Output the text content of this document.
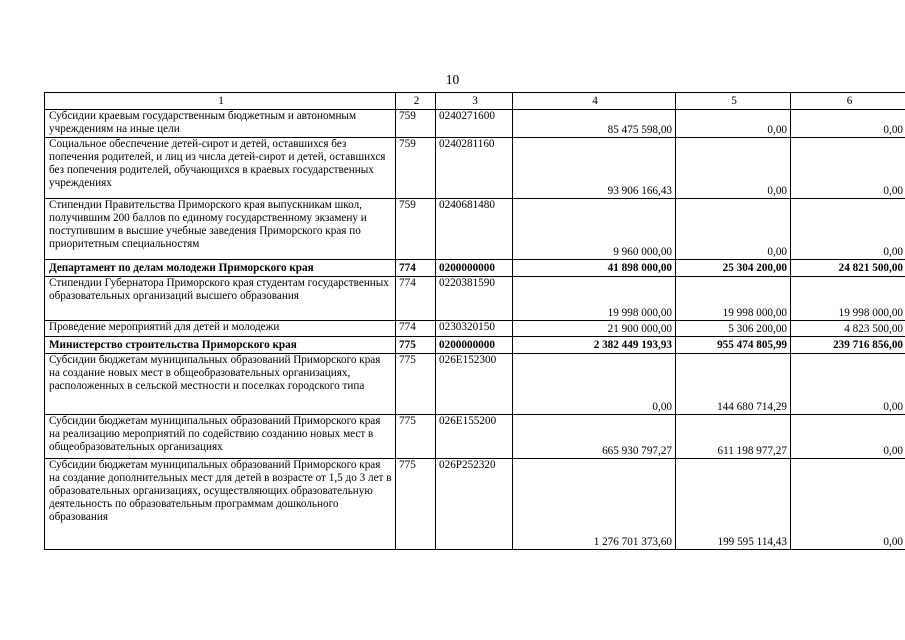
10
1	2	3	4	5	6
Субсидии краевым государственным бюджетным и автономным учреждениям на иные цели	759	0240271600	85 475 598,00	0,00	0,00
Социальное обеспечение детей-сирот и детей, оставшихся без попечения родителей, и лиц из числа детей-сирот и детей, оставшихся без попечения родителей, обучающихся в краевых государственных учреждениях	759	0240281160	93 906 166,43	0,00	0,00
Стипендии Правительства Приморского края выпускникам школ, получившим 200 баллов по единому государственному экзамену и поступившим в высшие учебные заведения Приморского края по приоритетным специальностям	759	0240681480	9 960 000,00	0,00	0,00
Департамент по делам молодежи Приморского края	774	0200000000	41 898 000,00	25 304 200,00	24 821 500,00
Стипендии Губернатора Приморского края студентам государственных образовательных организаций высшего образования	774	0220381590	19 998 000,00	19 998 000,00	19 998 000,00
Проведение мероприятий для детей и молодежи	774	0230320150	21 900 000,00	5 306 200,00	4 823 500,00
Министерство строительства Приморского края	775	0200000000	2 382 449 193,93	955 474 805,99	239 716 856,00
Субсидии бюджетам муниципальных образований Приморского края на создание новых мест в общеобразовательных организациях, расположенных в сельской местности и поселках городского типа	775	026E152300	0,00	144 680 714,29	0,00
Субсидии бюджетам муниципальных образований Приморского края на реализацию мероприятий по содействию созданию новых мест в общеобразовательных организациях	775	026E155200	665 930 797,27	611 198 977,27	0,00
Субсидии бюджетам муниципальных образований Приморского края на создание дополнительных мест для детей в возрасте от 1,5 до 3 лет в образовательных организациях, осуществляющих образовательную деятельность по образовательным программам дошкольного образования	775	026P252320	1 276 701 373,60	199 595 114,43	0,00
